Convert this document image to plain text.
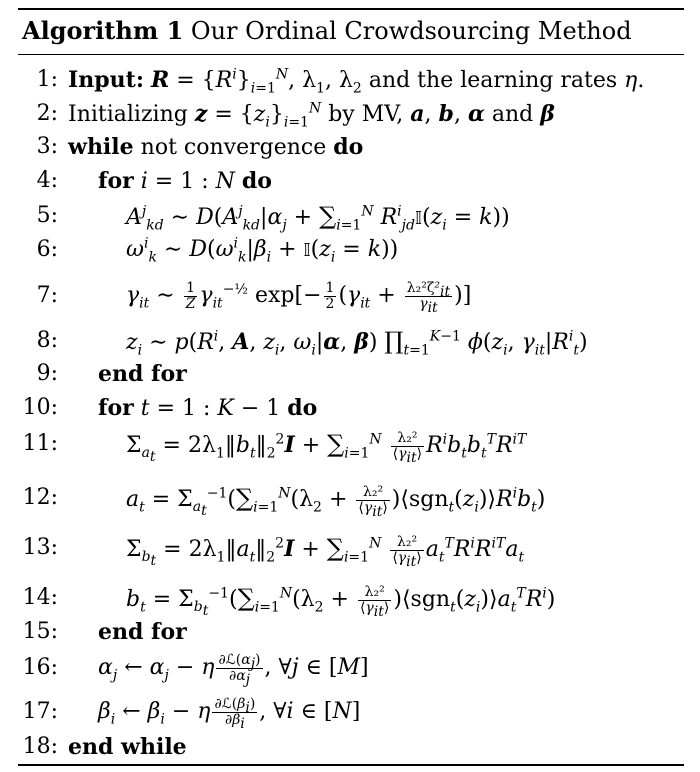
Algorithm 1 Our Ordinal Crowdsourcing Method
1: Input: $R = \{R^i\}_{i=1}^N$, $\lambda_1$, $\lambda_2$ and the learning rates η.
2: Initializing $z = \{z_i\}_{i=1}^N$ by MV, a, b, α and β
3: while not convergence do
4: for i = 1 : N do
5:	$A^j_{kd}$ ∼ $D(A^j_{kd}|\alpha_j + \sum_{i=1}^N$ $R^i_{jd}𝕀(z_i = k)$)
6:	$\omega^i_k$ ∼ $D(\omega^i_k|\beta_i$ + $𝕀(z_i = k)$)
7:	$\gamma_{it}$ ∼ $\frac{1}{Z} \gamma_{it}^{-\frac{1}{2}}$ $\exp[- \frac{1}{2} (\gamma_{it} + \frac{\lambda_2^2\zeta^2_{it}}{\gamma_{it}}$ )]
8:	$z_i$ ∼ $p(R^i$, A, $z_i$, $\omega_i|\alpha$, β) $\prod_{t=1}^{K-1}$ $\phi(z_i$, $\gamma_{it}|R^i_t$)
9: end for
10: for t = 1 : K − 1 do
11:	$\Sigma_{a_t}$ = $2\lambda_1‖b_t‖_2^2I + \sum_{i=1}^N \frac{\text{λ₂²}}{⟨\gamma_{it}⟩} R^ib_tb_t^TR^{iT}$
12:	$a_t = \Sigma_{a_t}^{-1}(\sum_{i=1}^N(\lambda_2 + \frac{\text{λ₂²}}{⟨\gamma_{it}⟩}$ )$⟨sgn_t(z_i)⟩R^ib_t$)
13:	$\Sigma_{b_t}$ = $2\lambda_1‖a_t‖_2^2I + \sum_{i=1}^N \frac{\text{λ₂²}}{⟨\gamma_{it}⟩} a_t^TR^iR^{iT}a_t$
14:	$b_t = \Sigma_{b_t}^{-1}(\sum_{i=1}^N(\lambda_2 + \frac{\text{λ₂²}}{⟨\gamma_{it}⟩}$ )$⟨sgn_t(z_i)⟩a_t^TR^i$)
15: end for
16: $\alpha_j$ ← $\alpha_j - \eta \frac{\partial ℒ(\alpha_j)}{\partial\alpha_j}$ , ∀j ∈ [M]
17: $\beta_i$ ← $\beta_i - \eta \frac{\partial ℒ(\beta_i)}{\partial\beta_i}$ , ∀i ∈ [N]
18: end while
